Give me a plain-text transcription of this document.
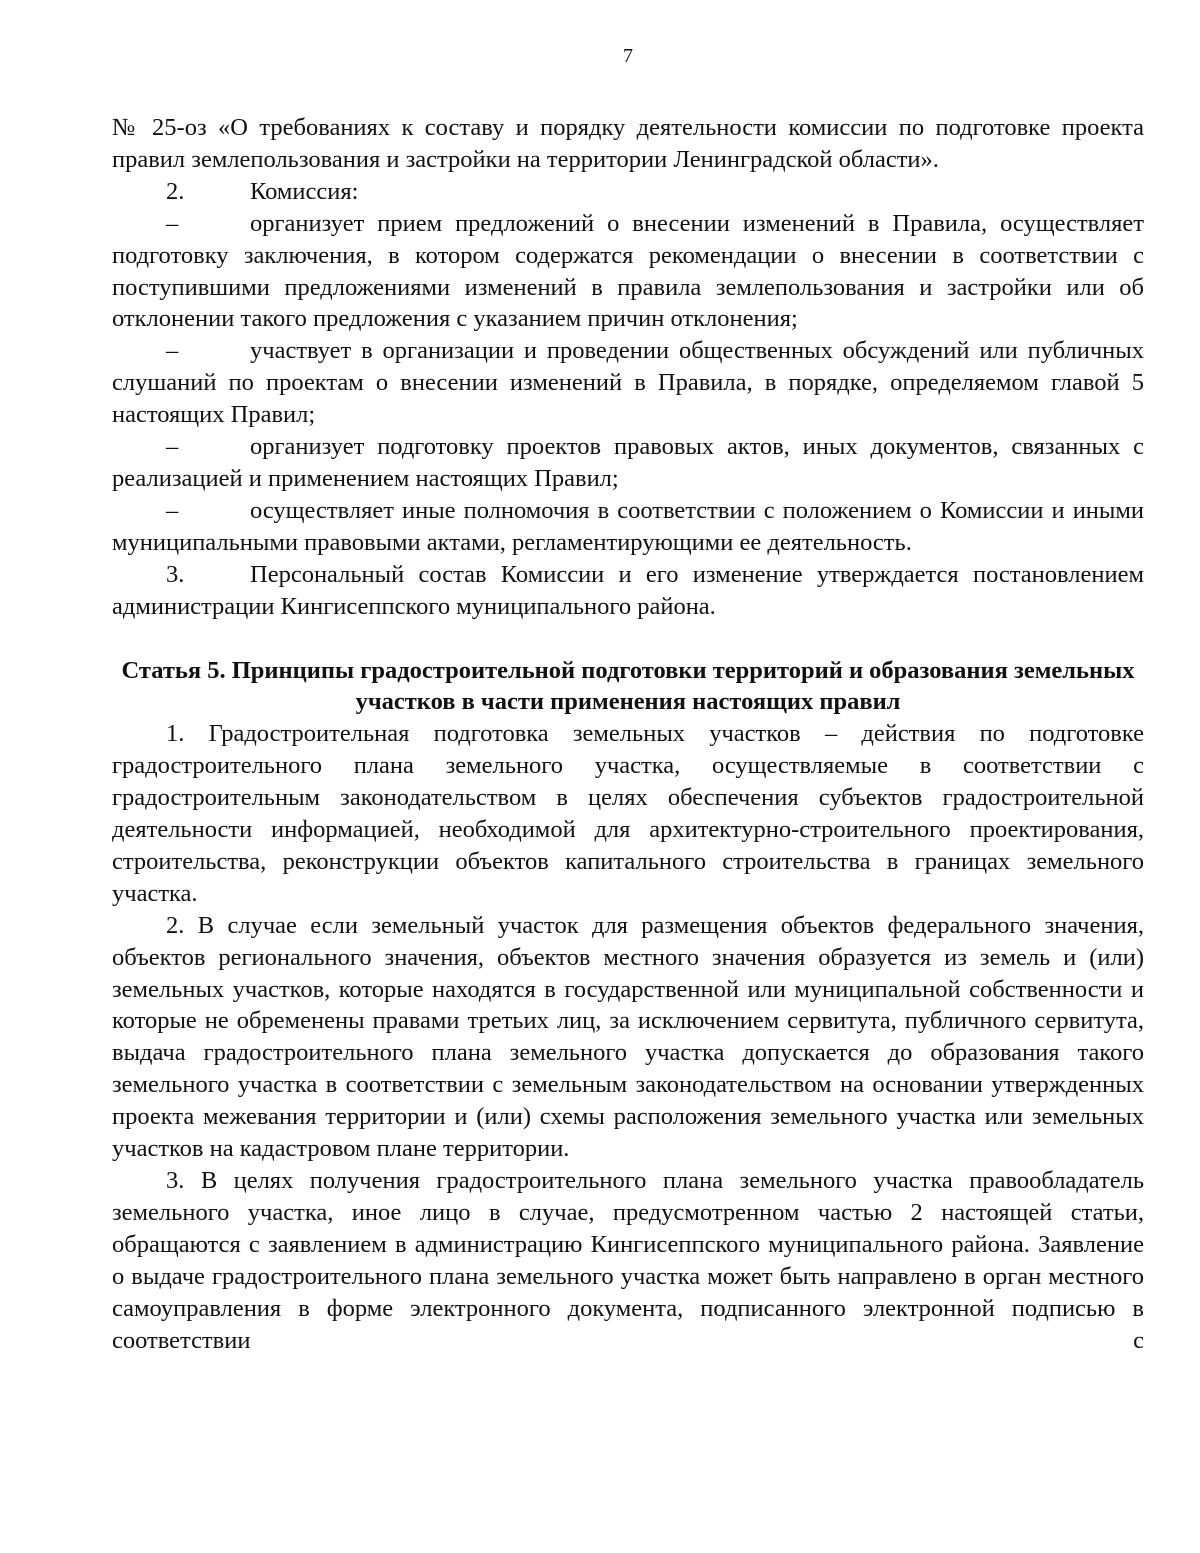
7

№ 25-оз «О требованиях к составу и порядку деятельности комиссии по подготовке проекта правил землепользования и застройки на территории Ленинградской области».

2.	Комиссия:

–	организует прием предложений о внесении изменений в Правила, осуществляет подготовку заключения, в котором содержатся рекомендации о внесении в соответствии с поступившими предложениями изменений в правила землепользования и застройки или об отклонении такого предложения с указанием причин отклонения;

–	участвует в организации и проведении общественных обсуждений или публичных слушаний по проектам о внесении изменений в Правила, в порядке, определяемом главой 5 настоящих Правил;

–	организует подготовку проектов правовых актов, иных документов, связанных с реализацией и применением настоящих Правил;

–	осуществляет иные полномочия в соответствии с положением о Комиссии и иными муниципальными правовыми актами, регламентирующими ее деятельность.

3.	Персональный состав Комиссии и его изменение утверждается постановлением администрации Кингисеппского муниципального района.

Статья 5. Принципы градостроительной подготовки территорий и образования земельных участков в части применения настоящих правил

1. Градостроительная подготовка земельных участков – действия по подготовке градостроительного плана земельного участка, осуществляемые в соответствии с градостроительным законодательством в целях обеспечения субъектов градостроительной деятельности информацией, необходимой для архитектурно-строительного проектирования, строительства, реконструкции объектов капитального строительства в границах земельного участка.

2. В случае если земельный участок для размещения объектов федерального значения, объектов регионального значения, объектов местного значения образуется из земель и (или) земельных участков, которые находятся в государственной или муниципальной собственности и которые не обременены правами третьих лиц, за исключением сервитута, публичного сервитута, выдача градостроительного плана земельного участка допускается до образования такого земельного участка в соответствии с земельным законодательством на основании утвержденных проекта межевания территории и (или) схемы расположения земельного участка или земельных участков на кадастровом плане территории.

3. В целях получения градостроительного плана земельного участка правообладатель земельного участка, иное лицо в случае, предусмотренном частью 2 настоящей статьи, обращаются с заявлением в администрацию Кингисеппского муниципального района. Заявление о выдаче градостроительного плана земельного участка может быть направлено в орган местного самоуправления в форме электронного документа, подписанного электронной подписью в соответствии с
